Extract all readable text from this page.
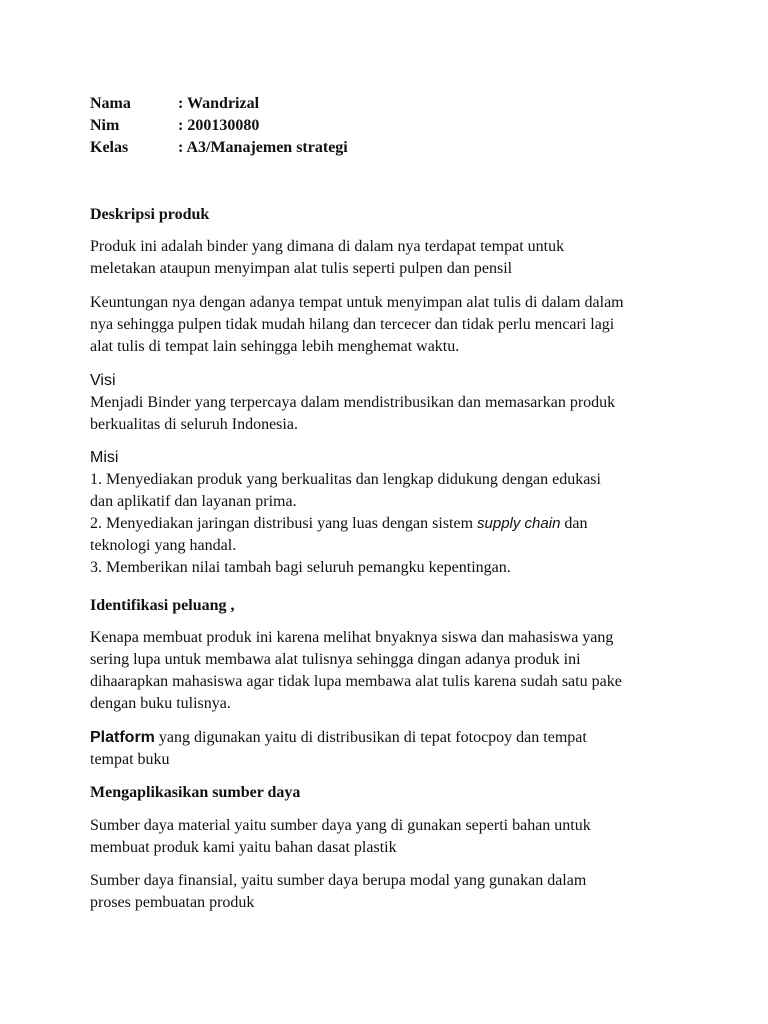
Nama	: Wandrizal
Nim	: 200130080
Kelas	: A3/Manajemen strategi
Deskripsi produk
Produk ini adalah binder yang dimana di dalam nya terdapat tempat untuk
meletakan ataupun menyimpan alat tulis seperti pulpen dan pensil
Keuntungan nya dengan adanya tempat untuk menyimpan alat tulis di dalam dalam
nya sehingga pulpen tidak mudah hilang dan tercecer dan tidak perlu mencari lagi
alat tulis di tempat lain sehingga lebih menghemat waktu.
Visi
Menjadi Binder yang terpercaya dalam mendistribusikan dan memasarkan produk
berkualitas di seluruh Indonesia.
Misi
1. Menyediakan produk yang berkualitas dan lengkap didukung dengan edukasi
dan aplikatif dan layanan prima.
2. Menyediakan jaringan distribusi yang luas dengan sistem supply chain dan
teknologi yang handal.
3. Memberikan nilai tambah bagi seluruh pemangku kepentingan.
Identifikasi peluang ,
Kenapa membuat produk ini karena melihat bnyaknya siswa dan mahasiswa yang
sering lupa untuk membawa alat tulisnya sehingga dingan adanya produk ini
dihaarapkan mahasiswa agar tidak lupa membawa alat tulis karena sudah satu pake
dengan buku tulisnya.
Platform yang digunakan yaitu di distribusikan di tepat fotocpoy dan tempat
tempat buku
Mengaplikasikan sumber daya
Sumber daya material yaitu sumber daya yang di gunakan seperti bahan untuk
membuat produk kami yaitu bahan dasat plastik
Sumber daya finansial, yaitu sumber daya berupa modal yang gunakan dalam
proses pembuatan produk
